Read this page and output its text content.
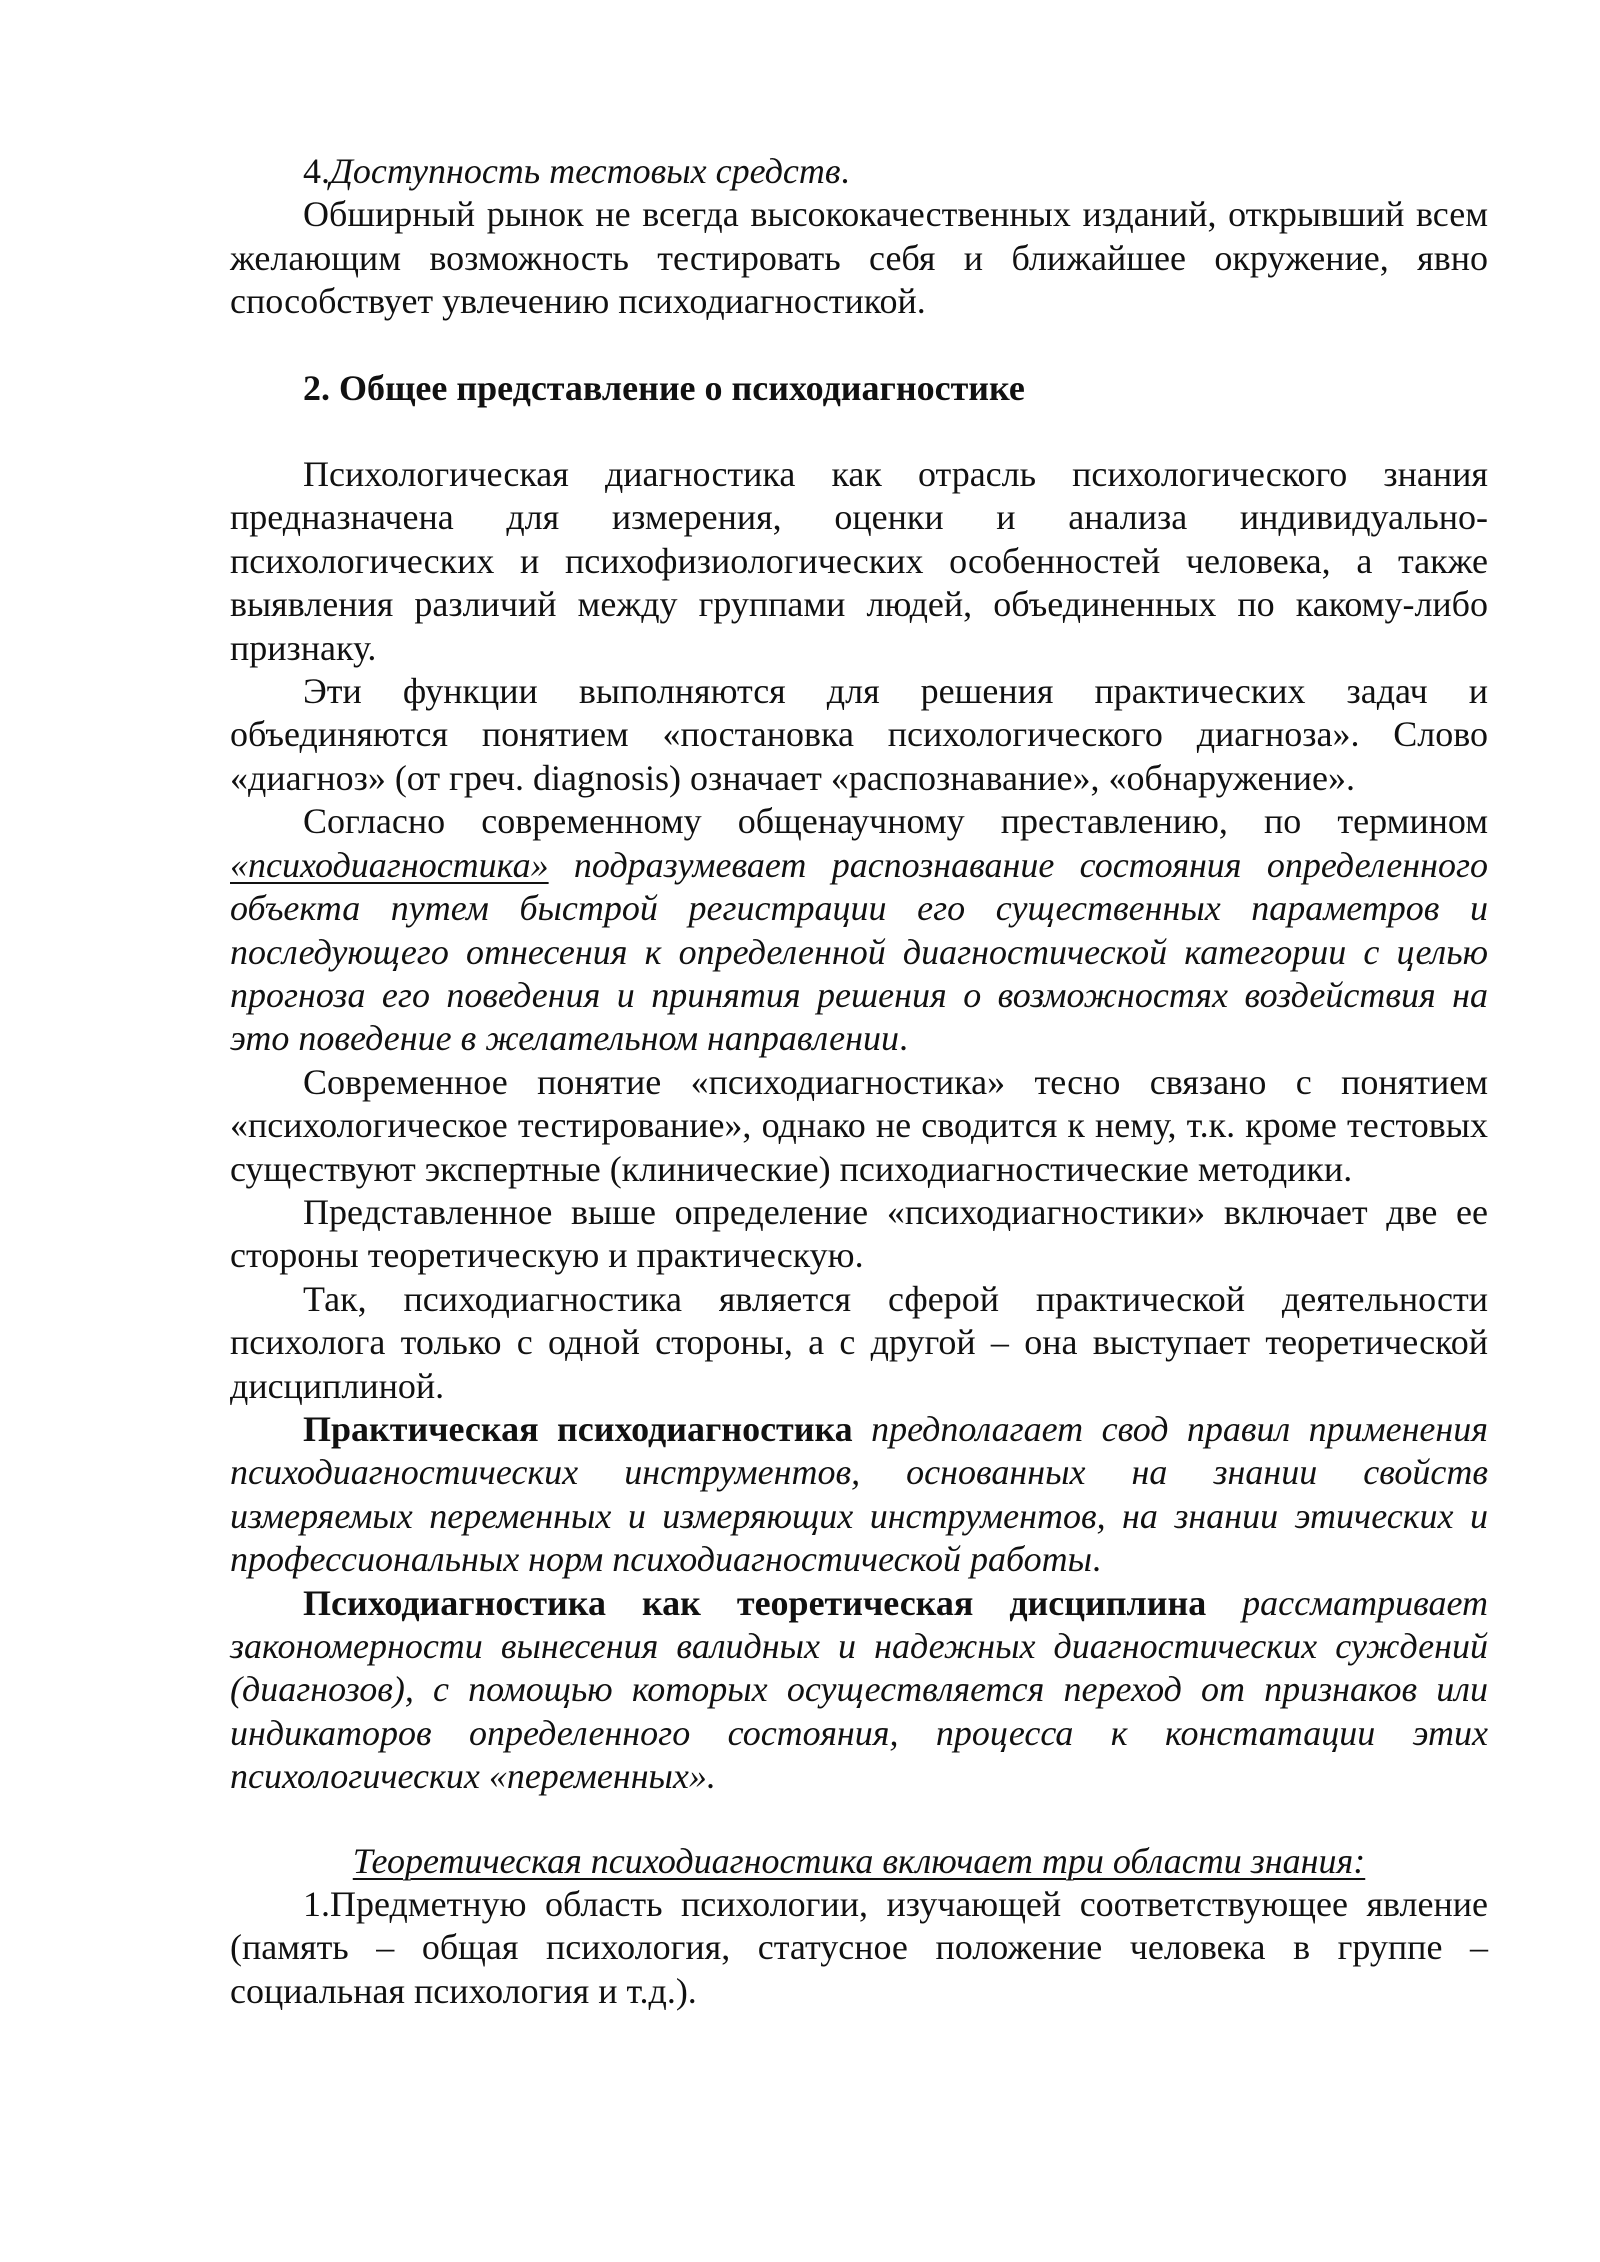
4.Доступность тестовых средств.

Обширный рынок не всегда высококачественных изданий, открывший всем желающим возможность тестировать себя и ближайшее окружение, явно способствует увлечению психодиагностикой.

2. Общее представление о психодиагностике

Психологическая диагностика как отрасль психологического знания предназначена для измерения, оценки и анализа индивидуально-психологических и психофизиологических особенностей человека, а также выявления различий между группами людей, объединенных по какому-либо признаку.

Эти функции выполняются для решения практических задач и объединяются понятием «постановка психологического диагноза». Слово «диагноз» (от греч. diagnosis) означает «распознавание», «обнаружение».

Согласно современному общенаучному преставлению, по термином «психодиагностика» подразумевает распознавание состояния определенного объекта путем быстрой регистрации его существенных параметров и последующего отнесения к определенной диагностической категории с целью прогноза его поведения и принятия решения о возможностях воздействия на это поведение в желательном направлении.

Современное понятие «психодиагностика» тесно связано с понятием «психологическое тестирование», однако не сводится к нему, т.к. кроме тестовых существуют экспертные (клинические) психодиагностические методики.

Представленное выше определение «психодиагностики» включает две ее стороны теоретическую и практическую.

Так, психодиагностика является сферой практической деятельности психолога только с одной стороны, а с другой – она выступает теоретической дисциплиной.

Практическая психодиагностика предполагает свод правил применения психодиагностических инструментов, основанных на знании свойств измеряемых переменных и измеряющих инструментов, на знании этических и профессиональных норм психодиагностической работы.

Психодиагностика как теоретическая дисциплина рассматривает закономерности вынесения валидных и надежных диагностических суждений (диагнозов), с помощью которых осуществляется переход от признаков или индикаторов определенного состояния, процесса к констатации этих психологических «переменных».

Теоретическая психодиагностика включает три области знания:

1.Предметную область психологии, изучающей соответствующее явление (память – общая психология, статусное положение человека в группе – социальная психология и т.д.).
